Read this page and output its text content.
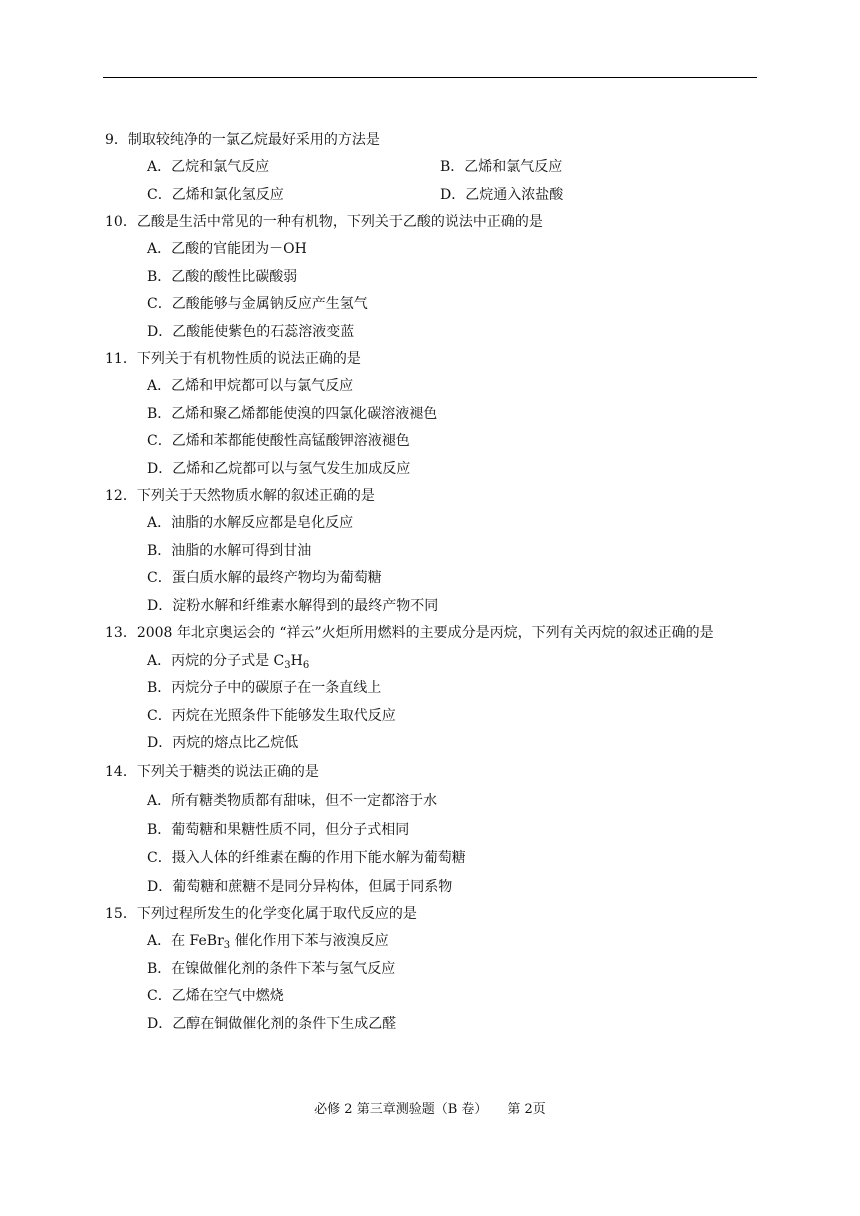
9．制取较纯净的一氯乙烷最好采用的方法是
A．乙烷和氯气反应	B．乙烯和氯气反应
C．乙烯和氯化氢反应	D．乙烷通入浓盐酸
10．乙酸是生活中常见的一种有机物，下列关于乙酸的说法中正确的是
A．乙酸的官能团为－OH
B．乙酸的酸性比碳酸弱
C．乙酸能够与金属钠反应产生氢气
D．乙酸能使紫色的石蕊溶液变蓝
11．下列关于有机物性质的说法正确的是
A．乙烯和甲烷都可以与氯气反应
B．乙烯和聚乙烯都能使溴的四氯化碳溶液褪色
C．乙烯和苯都能使酸性高锰酸钾溶液褪色
D．乙烯和乙烷都可以与氢气发生加成反应
12．下列关于天然物质水解的叙述正确的是
A．油脂的水解反应都是皂化反应
B．油脂的水解可得到甘油
C．蛋白质水解的最终产物均为葡萄糖
D．淀粉水解和纤维素水解得到的最终产物不同
13．2008 年北京奥运会的 “祥云”火炬所用燃料的主要成分是丙烷，下列有关丙烷的叙述正确的是
A．丙烷的分子式是 $C_3H_6$
B．丙烷分子中的碳原子在一条直线上
C．丙烷在光照条件下能够发生取代反应
D．丙烷的熔点比乙烷低
14．下列关于糖类的说法正确的是
A．所有糖类物质都有甜味，但不一定都溶于水
B．葡萄糖和果糖性质不同，但分子式相同
C．摄入人体的纤维素在酶的作用下能水解为葡萄糖
D．葡萄糖和蔗糖不是同分异构体，但属于同系物
15．下列过程所发生的化学变化属于取代反应的是
A．在 FeBr$_3$ 催化作用下苯与液溴反应
B．在镍做催化剂的条件下苯与氢气反应
C．乙烯在空气中燃烧
D．乙醇在铜做催化剂的条件下生成乙醛
必修 2 第三章测验题（B 卷） 第 2页
